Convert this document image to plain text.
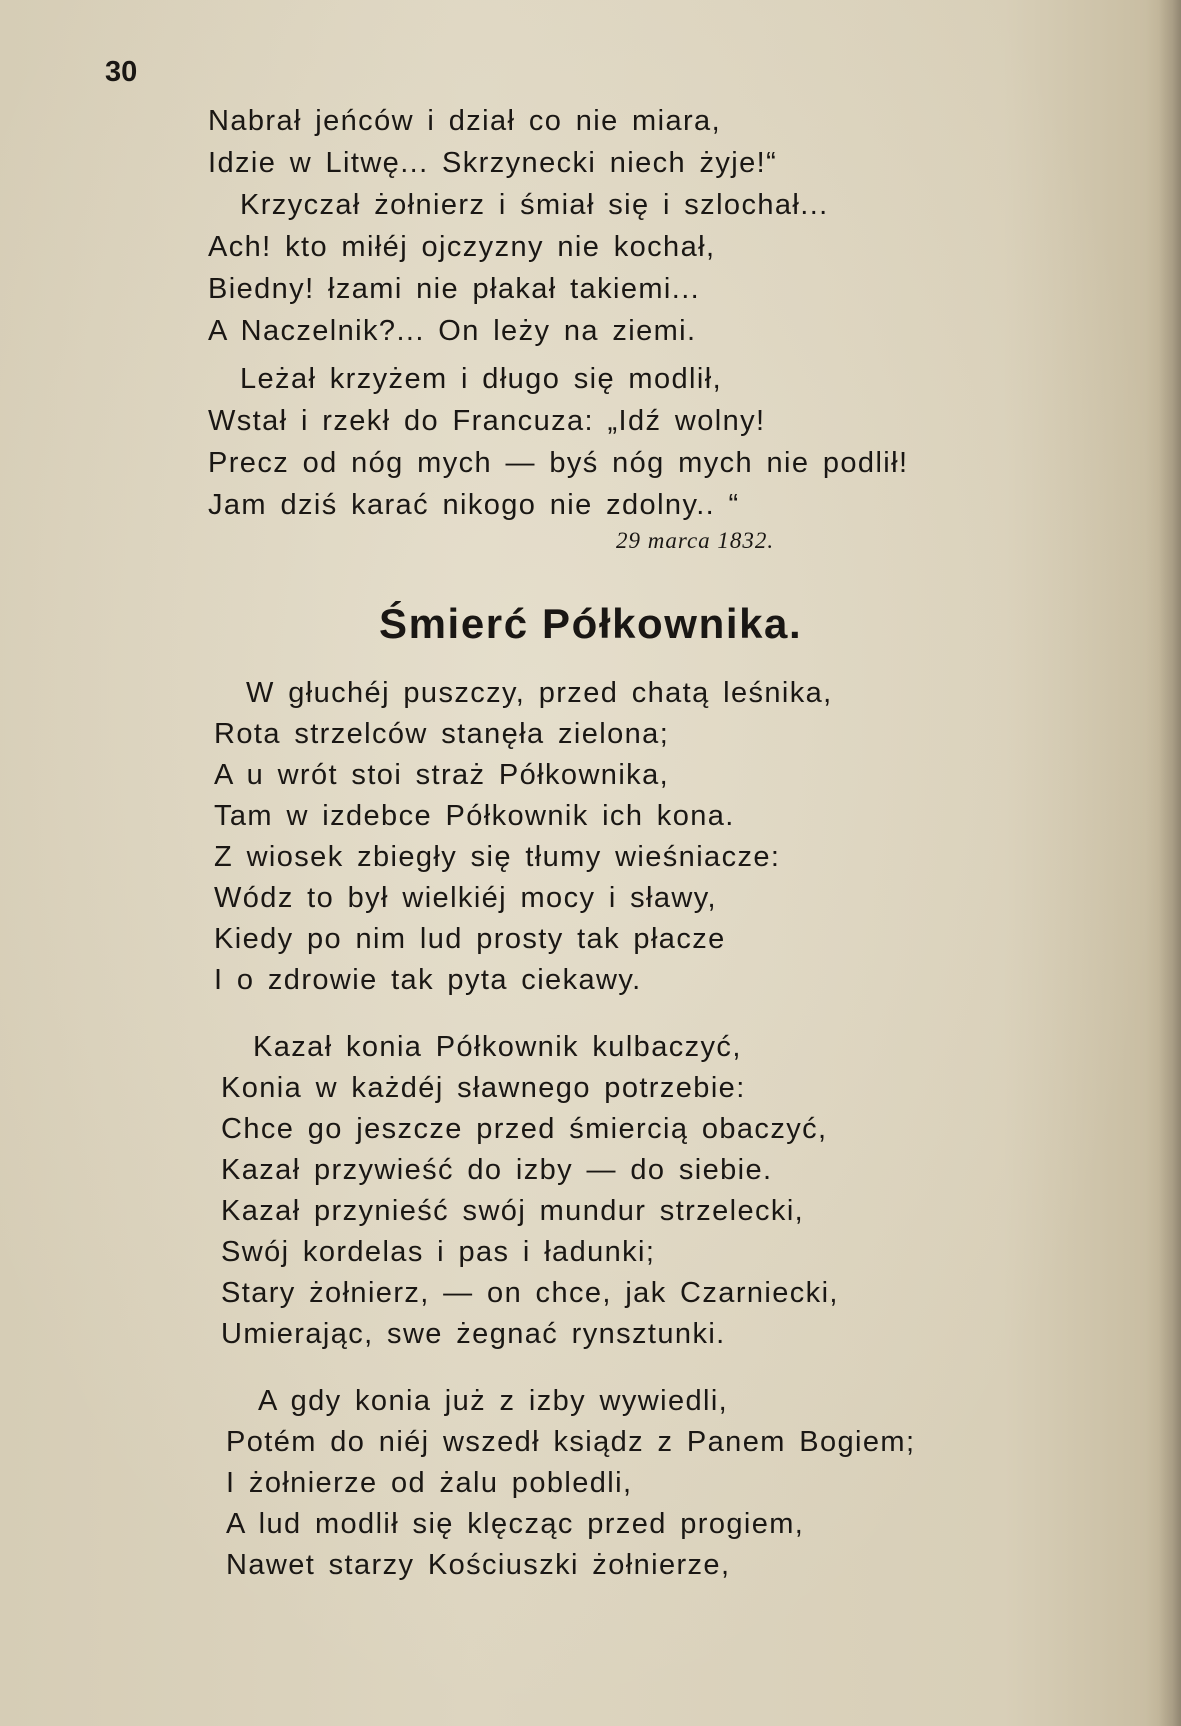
30
Nabrał jeńców i dział co nie miara,
Idzie w Litwę... Skrzynecki niech żyje!“
Krzyczał żołnierz i śmiał się i szlochał...
Ach! kto miłéj ojczyzny nie kochał,
Biedny! łzami nie płakał takiemi...
A Naczelnik?... On leży na ziemi.
Leżał krzyżem i długo się modlił,
Wstał i rzekł do Francuza: „Idź wolny!
Precz od nóg mych — byś nóg mych nie podlił!
Jam dziś karać nikogo nie zdolny.. “
29 marca 1832.
Śmierć Półkownika.
W głuchéj puszczy, przed chatą leśnika,
Rota strzelców stanęła zielona;
A u wrót stoi straż Półkownika,
Tam w izdebce Półkownik ich kona.
Z wiosek zbiegły się tłumy wieśniacze:
Wódz to był wielkiéj mocy i sławy,
Kiedy po nim lud prosty tak płacze
I o zdrowie tak pyta ciekawy.
Kazał konia Półkownik kulbaczyć,
Konia w każdéj sławnego potrzebie:
Chce go jeszcze przed śmiercią obaczyć,
Kazał przywieść do izby — do siebie.
Kazał przynieść swój mundur strzelecki,
Swój kordelas i pas i ładunki;
Stary żołnierz, — on chce, jak Czarniecki,
Umierając, swe żegnać rynsztunki.
A gdy konia już z izby wywiedli,
Potém do niéj wszedł ksiądz z Panem Bogiem;
I żołnierze od żalu pobledli,
A lud modlił się klęcząc przed progiem,
Nawet starzy Kościuszki żołnierze,
